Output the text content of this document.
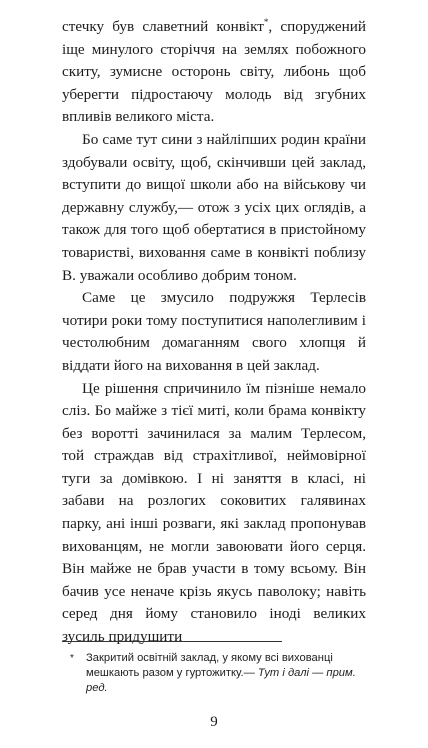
стечку був славетний конвікт*, споруджений іще минулого сторіччя на землях побожного скиту, зумисне осторонь світу, либонь щоб уберегти підростаючу молодь від згубних впливів великого міста.

Бо саме тут сини з найліпших родин країни здобували освіту, щоб, скінчивши цей заклад, вступити до вищої школи або на військову чи державну службу,— отож з усіх цих оглядів, а також для того щоб обертатися в пристойному товаристві, виховання саме в конвікті поблизу В. уважали особливо добрим тоном.

Саме це змусило подружжя Терлесів чотири роки тому поступитися наполегливим і честолюбним домаганням свого хлопця й віддати його на виховання в цей заклад.

Це рішення спричинило їм пізніше немало сліз. Бо майже з тієї миті, коли брама конвікту без воротті зачинилася за малим Терлесом, той страждав від страхітливої, неймовірної туги за домівкою. І ні заняття в класі, ні забави на розлогих соковитих галявинах парку, ані інші розваги, які заклад пропонував вихованцям, не могли завоювати його серця. Він майже не брав участи в тому всьому. Він бачив усе неначе крізь якусь паволоку; навіть серед дня йому становило іноді великих зусиль придушити

* Закритий освітній заклад, у якому всі вихованці мешкають разом у гуртожитку.— Тут і далі — прим. ред.
9
